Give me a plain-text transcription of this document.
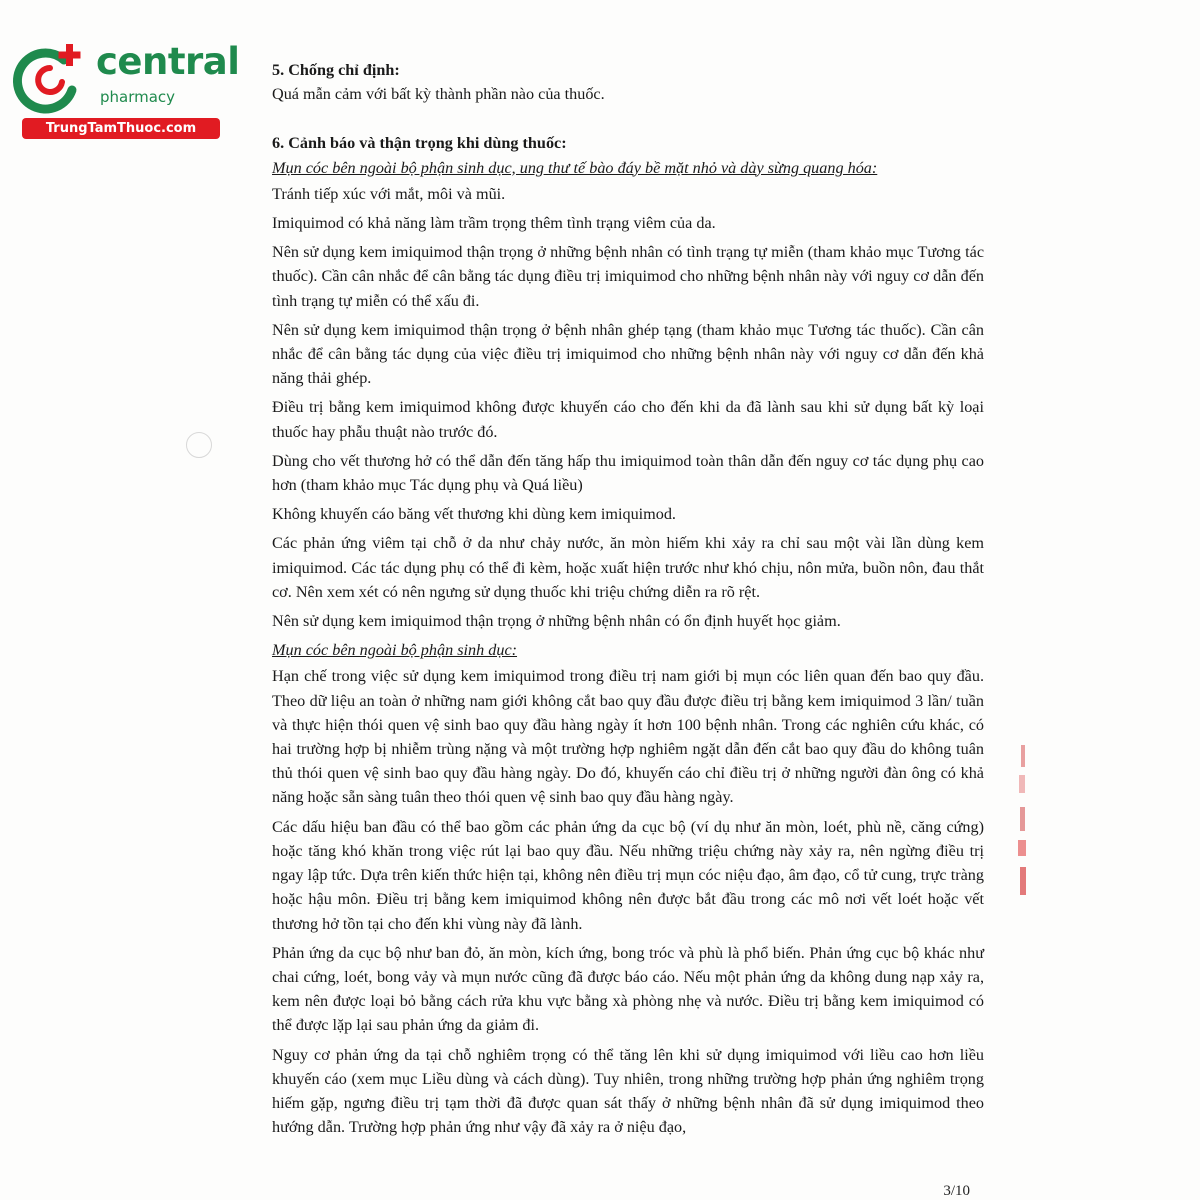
central
pharmacy
TrungTamThuoc.com

5. Chống chỉ định:

Quá mẫn cảm với bất kỳ thành phần nào của thuốc.

6. Cảnh báo và thận trọng khi dùng thuốc:

Mụn cóc bên ngoài bộ phận sinh dục, ung thư tế bào đáy bề mặt nhỏ và dày sừng quang hóa:

Tránh tiếp xúc với mắt, môi và mũi.

Imiquimod có khả năng làm trầm trọng thêm tình trạng viêm của da.

Nên sử dụng kem imiquimod thận trọng ở những bệnh nhân có tình trạng tự miễn (tham khảo mục Tương tác thuốc). Cần cân nhắc để cân bằng tác dụng điều trị imiquimod cho những bệnh nhân này với nguy cơ dẫn đến tình trạng tự miễn có thể xấu đi.

Nên sử dụng kem imiquimod thận trọng ở bệnh nhân ghép tạng (tham khảo mục Tương tác thuốc). Cần cân nhắc để cân bằng tác dụng của việc điều trị imiquimod cho những bệnh nhân này với nguy cơ dẫn đến khả năng thải ghép.

Điều trị bằng kem imiquimod không được khuyến cáo cho đến khi da đã lành sau khi sử dụng bất kỳ loại thuốc hay phẫu thuật nào trước đó.

Dùng cho vết thương hở có thể dẫn đến tăng hấp thu imiquimod toàn thân dẫn đến nguy cơ tác dụng phụ cao hơn (tham khảo mục Tác dụng phụ và Quá liều)

Không khuyến cáo băng vết thương khi dùng kem imiquimod.

Các phản ứng viêm tại chỗ ở da như chảy nước, ăn mòn hiếm khi xảy ra chỉ sau một vài lần dùng kem imiquimod. Các tác dụng phụ có thể đi kèm, hoặc xuất hiện trước như khó chịu, nôn mửa, buồn nôn, đau thắt cơ. Nên xem xét có nên ngưng sử dụng thuốc khi triệu chứng diễn ra rõ rệt.

Nên sử dụng kem imiquimod thận trọng ở những bệnh nhân có ổn định huyết học giảm.

Mụn cóc bên ngoài bộ phận sinh dục:

Hạn chế trong việc sử dụng kem imiquimod trong điều trị nam giới bị mụn cóc liên quan đến bao quy đầu. Theo dữ liệu an toàn ở những nam giới không cắt bao quy đầu được điều trị bằng kem imiquimod 3 lần/ tuần và thực hiện thói quen vệ sinh bao quy đầu hàng ngày ít hơn 100 bệnh nhân. Trong các nghiên cứu khác, có hai trường hợp bị nhiễm trùng nặng và một trường hợp nghiêm ngặt dẫn đến cắt bao quy đầu do không tuân thủ thói quen vệ sinh bao quy đầu hàng ngày. Do đó, khuyến cáo chỉ điều trị ở những người đàn ông có khả năng hoặc sẵn sàng tuân theo thói quen vệ sinh bao quy đầu hàng ngày.

Các dấu hiệu ban đầu có thể bao gồm các phản ứng da cục bộ (ví dụ như ăn mòn, loét, phù nề, căng cứng) hoặc tăng khó khăn trong việc rút lại bao quy đầu. Nếu những triệu chứng này xảy ra, nên ngừng điều trị ngay lập tức. Dựa trên kiến thức hiện tại, không nên điều trị mụn cóc niệu đạo, âm đạo, cổ tử cung, trực tràng hoặc hậu môn. Điều trị bằng kem imiquimod không nên được bắt đầu trong các mô nơi vết loét hoặc vết thương hở tồn tại cho đến khi vùng này đã lành.

Phản ứng da cục bộ như ban đỏ, ăn mòn, kích ứng, bong tróc và phù là phổ biến. Phản ứng cục bộ khác như chai cứng, loét, bong vảy và mụn nước cũng đã được báo cáo. Nếu một phản ứng da không dung nạp xảy ra, kem nên được loại bỏ bằng cách rửa khu vực bằng xà phòng nhẹ và nước. Điều trị bằng kem imiquimod có thể được lặp lại sau phản ứng da giảm đi.

Nguy cơ phản ứng da tại chỗ nghiêm trọng có thể tăng lên khi sử dụng imiquimod với liều cao hơn liều khuyến cáo (xem mục Liều dùng và cách dùng). Tuy nhiên, trong những trường hợp phản ứng nghiêm trọng hiếm gặp, ngưng điều trị tạm thời đã được quan sát thấy ở những bệnh nhân đã sử dụng imiquimod theo hướng dẫn. Trường hợp phản ứng như vậy đã xảy ra ở niệu đạo,

3/10
